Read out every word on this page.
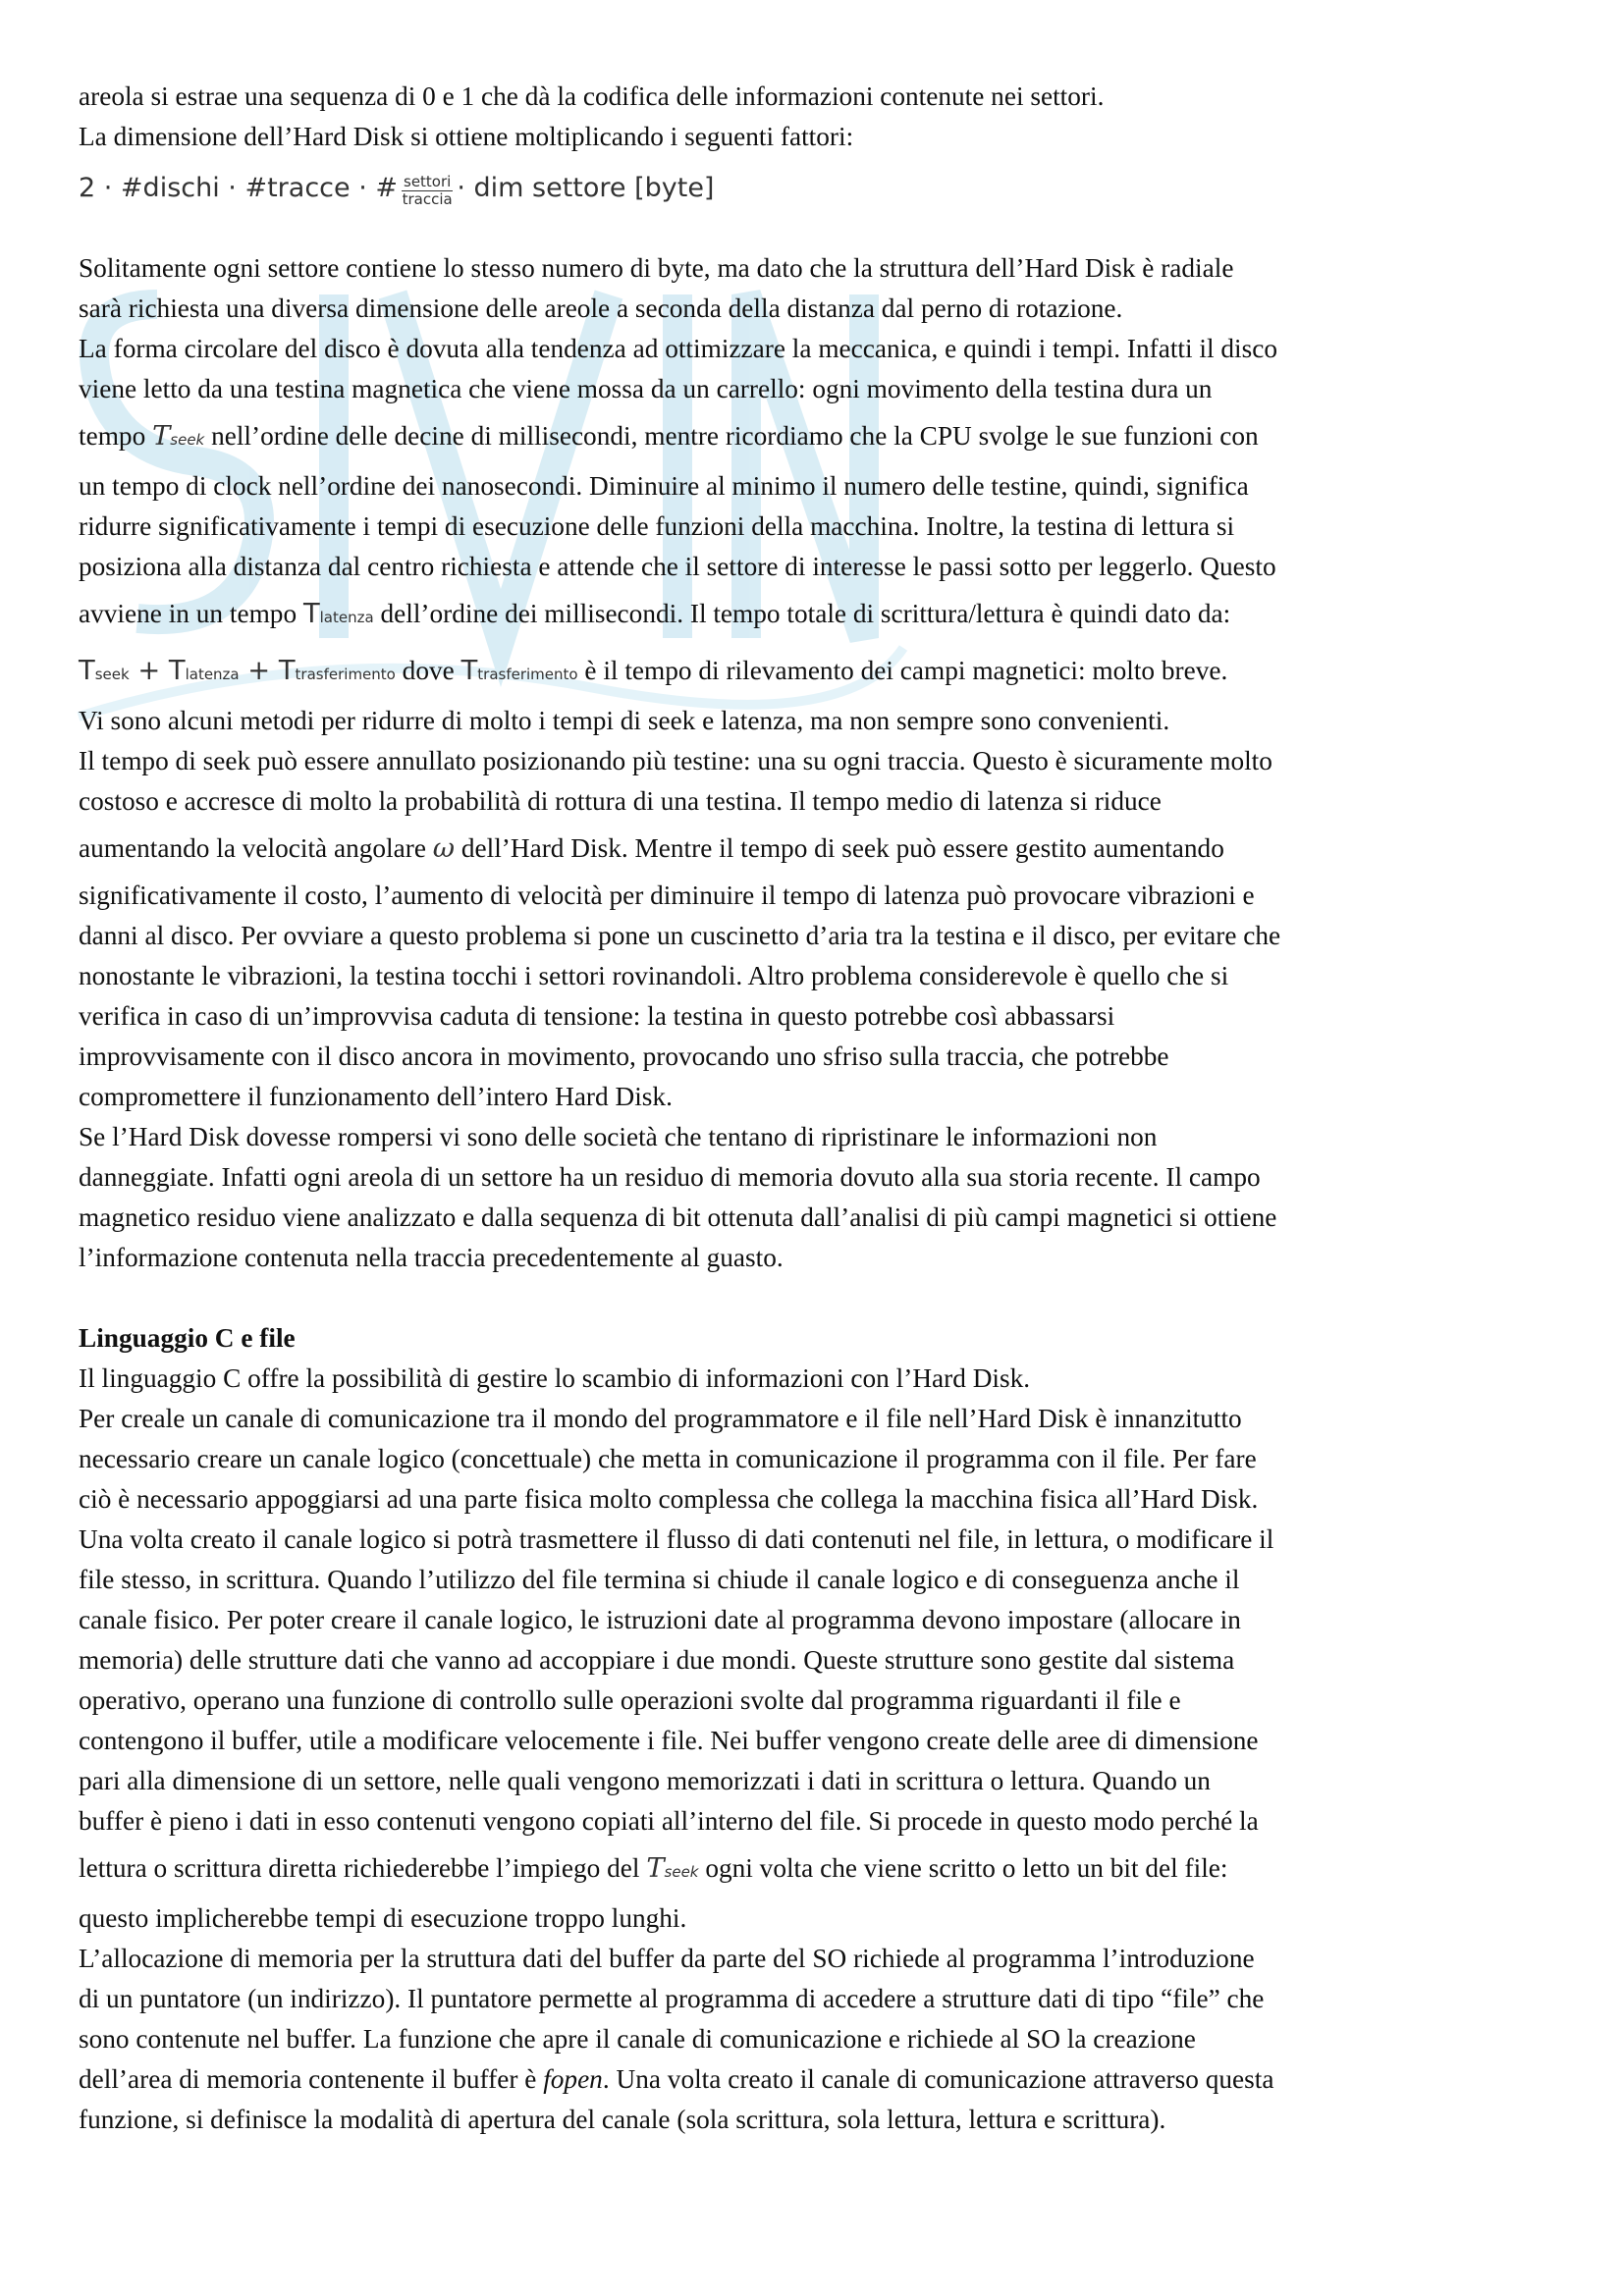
areola si estrae una sequenza di 0 e 1 che dà la codifica delle informazioni contenute nei settori.

La dimensione dell’Hard Disk si ottiene moltiplicando i seguenti fattori:

2 · #dischi · #tracce · # $\frac{\text{settori}}{\text{traccia}}$ · dim settore [byte]

Solitamente ogni settore contiene lo stesso numero di byte, ma dato che la struttura dell’Hard Disk è radiale

sarà richiesta una diversa dimensione delle areole a seconda della distanza dal perno di rotazione.

La forma circolare del disco è dovuta alla tendenza ad ottimizzare la meccanica, e quindi i tempi. Infatti il disco

viene letto da una testina magnetica che viene mossa da un carrello: ogni movimento della testina dura un

tempo Tseek nell’ordine delle decine di millisecondi, mentre ricordiamo che la CPU svolge le sue funzioni con

un tempo di clock nell’ordine dei nanosecondi. Diminuire al minimo il numero delle testine, quindi, significa

ridurre significativamente i tempi di esecuzione delle funzioni della macchina. Inoltre, la testina di lettura si

posiziona alla distanza dal centro richiesta e attende che il settore di interesse le passi sotto per leggerlo. Questo

avviene in un tempo Tlatenza dell’ordine dei millisecondi. Il tempo totale di scrittura/lettura è quindi dato da:

Tseek + Tlatenza + Ttrasferimento dove Ttrasferimento è il tempo di rilevamento dei campi magnetici: molto breve.

Vi sono alcuni metodi per ridurre di molto i tempi di seek e latenza, ma non sempre sono convenienti.

Il tempo di seek può essere annullato posizionando più testine: una su ogni traccia. Questo è sicuramente molto

costoso e accresce di molto la probabilità di rottura di una testina. Il tempo medio di latenza si riduce

aumentando la velocità angolare ω dell’Hard Disk. Mentre il tempo di seek può essere gestito aumentando

significativamente il costo, l’aumento di velocità per diminuire il tempo di latenza può provocare vibrazioni e

danni al disco. Per ovviare a questo problema si pone un cuscinetto d’aria tra la testina e il disco, per evitare che

nonostante le vibrazioni, la testina tocchi i settori rovinandoli. Altro problema considerevole è quello che si

verifica in caso di un’improvvisa caduta di tensione: la testina in questo potrebbe così abbassarsi

improvvisamente con il disco ancora in movimento, provocando uno sfriso sulla traccia, che potrebbe

compromettere il funzionamento dell’intero Hard Disk.

Se l’Hard Disk dovesse rompersi vi sono delle società che tentano di ripristinare le informazioni non

danneggiate. Infatti ogni areola di un settore ha un residuo di memoria dovuto alla sua storia recente. Il campo

magnetico residuo viene analizzato e dalla sequenza di bit ottenuta dall’analisi di più campi magnetici si ottiene

l’informazione contenuta nella traccia precedentemente al guasto.

Linguaggio C e file

Il linguaggio C offre la possibilità di gestire lo scambio di informazioni con l’Hard Disk.

Per creale un canale di comunicazione tra il mondo del programmatore e il file nell’Hard Disk è innanzitutto

necessario creare un canale logico (concettuale) che metta in comunicazione il programma con il file. Per fare

ciò è necessario appoggiarsi ad una parte fisica molto complessa che collega la macchina fisica all’Hard Disk.

Una volta creato il canale logico si potrà trasmettere il flusso di dati contenuti nel file, in lettura, o modificare il

file stesso, in scrittura. Quando l’utilizzo del file termina si chiude il canale logico e di conseguenza anche il

canale fisico. Per poter creare il canale logico, le istruzioni date al programma devono impostare (allocare in

memoria) delle strutture dati che vanno ad accoppiare i due mondi. Queste strutture sono gestite dal sistema

operativo, operano una funzione di controllo sulle operazioni svolte dal programma riguardanti il file e

contengono il buffer, utile a modificare velocemente i file. Nei buffer vengono create delle aree di dimensione

pari alla dimensione di un settore, nelle quali vengono memorizzati i dati in scrittura o lettura. Quando un

buffer è pieno i dati in esso contenuti vengono copiati all’interno del file. Si procede in questo modo perché la

lettura o scrittura diretta richiederebbe l’impiego del Tseek ogni volta che viene scritto o letto un bit del file:

questo implicherebbe tempi di esecuzione troppo lunghi.

L’allocazione di memoria per la struttura dati del buffer da parte del SO richiede al programma l’introduzione

di un puntatore (un indirizzo). Il puntatore permette al programma di accedere a strutture dati di tipo “file” che

sono contenute nel buffer. La funzione che apre il canale di comunicazione e richiede al SO la creazione

dell’area di memoria contenente il buffer è fopen. Una volta creato il canale di comunicazione attraverso questa

funzione, si definisce la modalità di apertura del canale (sola scrittura, sola lettura, lettura e scrittura).
